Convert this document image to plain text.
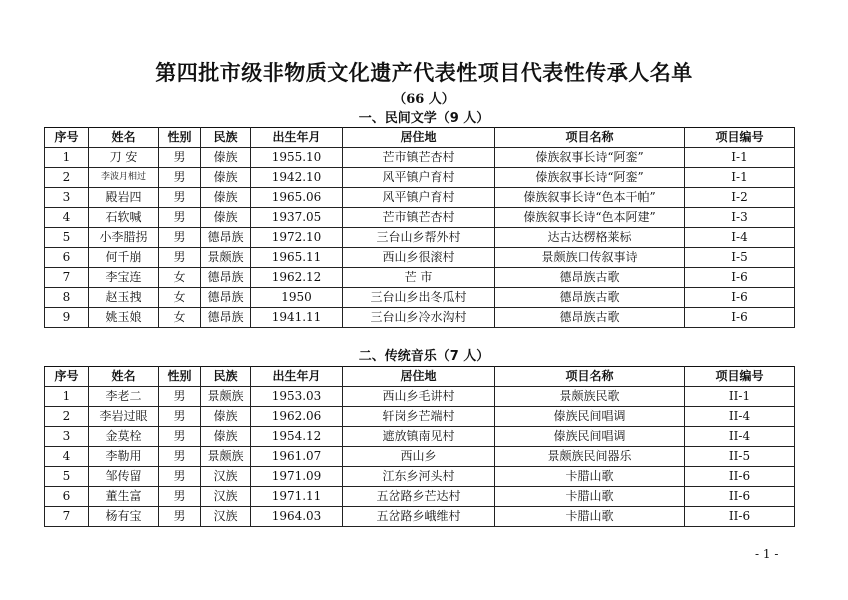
第四批市级非物质文化遗产代表性项目代表性传承人名单
（66 人）
一、民间文学（9 人）
序号	姓名	性别	民族	出生年月	居住地	项目名称	项目编号
1	刀 安	男	傣族	1955.10	芒市镇芒杏村	傣族叙事长诗“阿銮”	I-1
2	李波月相过	男	傣族	1942.10	风平镇户育村	傣族叙事长诗“阿銮”	I-1
3	殿岩四	男	傣族	1965.06	风平镇户育村	傣族叙事长诗“色本干帕”	I-2
4	石软喊	男	傣族	1937.05	芒市镇芒杏村	傣族叙事长诗“色本阿建”	I-3
5	小李腊拐	男	德昂族	1972.10	三台山乡帮外村	达古达楞格莱标	I-4
6	何千崩	男	景颇族	1965.11	西山乡很滚村	景颇族口传叙事诗	I-5
7	李宝连	女	德昂族	1962.12	芒 市	德昂族古歌	I-6
8	赵玉拽	女	德昂族	1950	三台山乡出冬瓜村	德昂族古歌	I-6
9	姚玉娘	女	德昂族	1941.11	三台山乡冷水沟村	德昂族古歌	I-6
二、传统音乐（7 人）
序号	姓名	性别	民族	出生年月	居住地	项目名称	项目编号
1	李老二	男	景颇族	1953.03	西山乡毛讲村	景颇族民歌	II-1
2	李岩过眼	男	傣族	1962.06	轩岗乡芒端村	傣族民间唱调	II-4
3	金莫栓	男	傣族	1954.12	遮放镇南见村	傣族民间唱调	II-4
4	李勒用	男	景颇族	1961.07	西山乡	景颇族民间器乐	II-5
5	邹传留	男	汉族	1971.09	江东乡河头村	卡腊山歌	II-6
6	董生富	男	汉族	1971.11	五岔路乡芒达村	卡腊山歌	II-6
7	杨有宝	男	汉族	1964.03	五岔路乡峨维村	卡腊山歌	II-6
- 1 -
